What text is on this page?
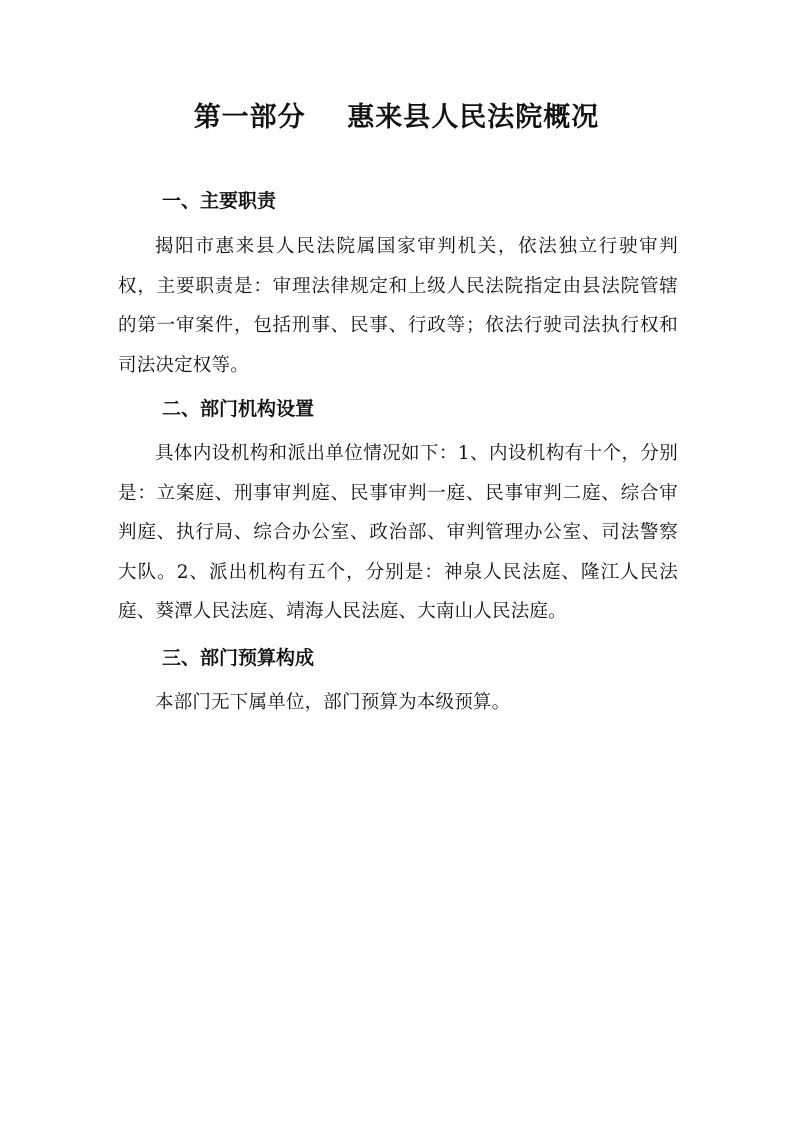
第一部分    惠来县人民法院概况
一、主要职责
揭阳市惠来县人民法院属国家审判机关，依法独立行驶审判权，主要职责是：审理法律规定和上级人民法院指定由县法院管辖的第一审案件，包括刑事、民事、行政等；依法行驶司法执行权和司法决定权等。
二、部门机构设置
具体内设机构和派出单位情况如下：1、内设机构有十个，分别是：立案庭、刑事审判庭、民事审判一庭、民事审判二庭、综合审判庭、执行局、综合办公室、政治部、审判管理办公室、司法警察大队。2、派出机构有五个，分别是：神泉人民法庭、隆江人民法庭、葵潭人民法庭、靖海人民法庭、大南山人民法庭。
三、部门预算构成
本部门无下属单位，部门预算为本级预算。
